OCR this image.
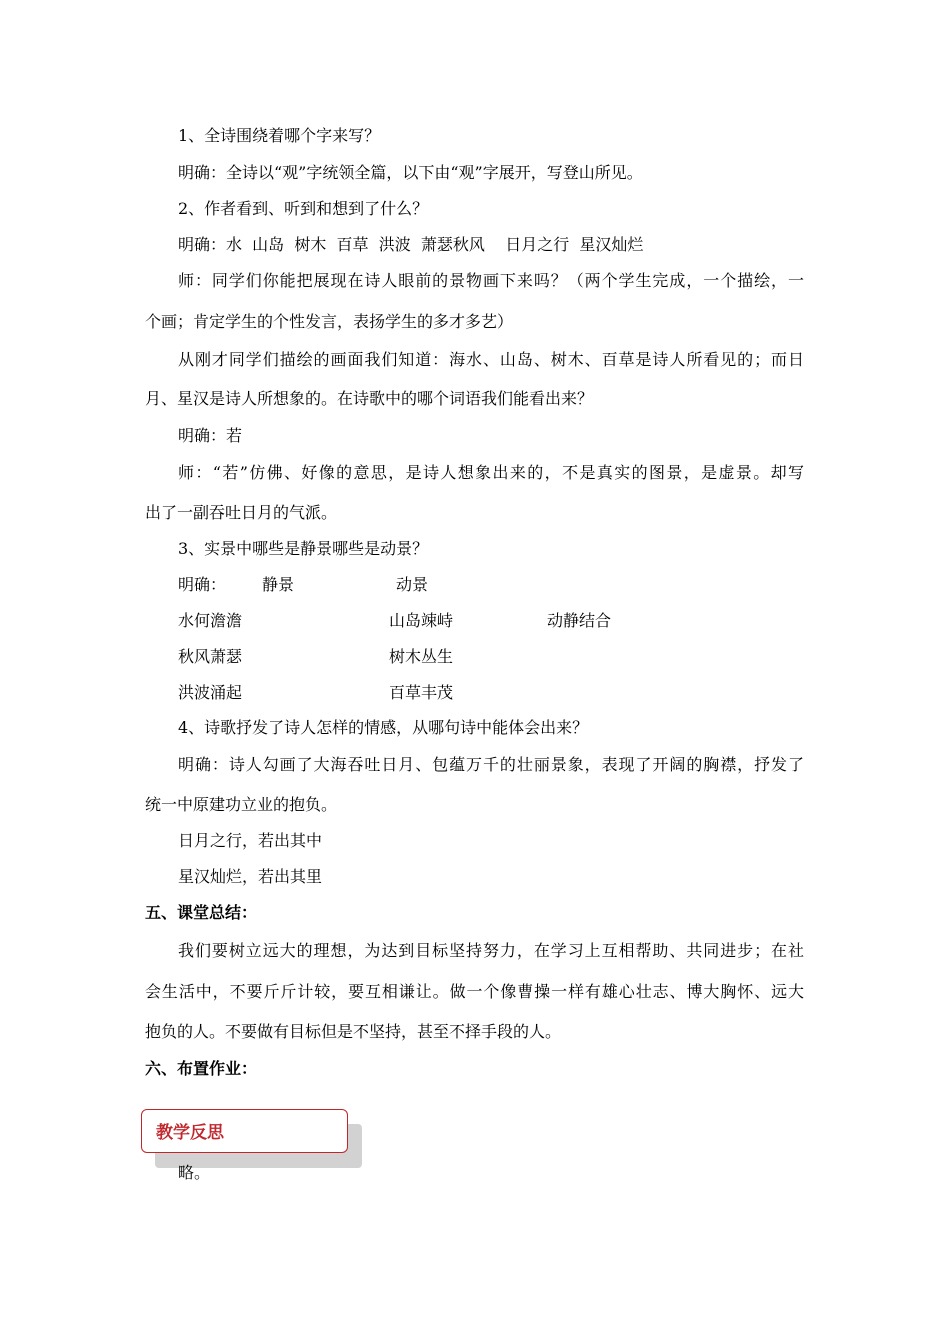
1、全诗围绕着哪个字来写？
明确：全诗以“观”字统领全篇，以下由“观”字展开，写登山所见。
2、作者看到、听到和想到了什么？
明确：水  山岛  树木  百草  洪波  萧瑟秋风    日月之行  星汉灿烂
师：同学们你能把展现在诗人眼前的景物画下来吗？（两个学生完成，一个描绘，一
个画；肯定学生的个性发言，表扬学生的多才多艺）
从刚才同学们描绘的画面我们知道：海水、山岛、树木、百草是诗人所看见的；而日
月、星汉是诗人所想象的。在诗歌中的哪个词语我们能看出来？
明确：若
师：“若”仿佛、好像的意思，是诗人想象出来的，不是真实的图景，是虚景。却写
出了一副吞吐日月的气派。
3、实景中哪些是静景哪些是动景？
明确： 静景	动景
水何澹澹	山岛竦峙	动静结合
秋风萧瑟	树木丛生
洪波涌起	百草丰茂
4、诗歌抒发了诗人怎样的情感，从哪句诗中能体会出来？
明确：诗人勾画了大海吞吐日月、包蕴万千的壮丽景象，表现了开阔的胸襟，抒发了
统一中原建功立业的抱负。
日月之行，若出其中
星汉灿烂，若出其里
五、课堂总结：
我们要树立远大的理想，为达到目标坚持努力，在学习上互相帮助、共同进步；在社
会生活中，不要斤斤计较，要互相谦让。做一个像曹操一样有雄心壮志、博大胸怀、远大
抱负的人。不要做有目标但是不坚持，甚至不择手段的人。
六、布置作业：
教学反思
略。
